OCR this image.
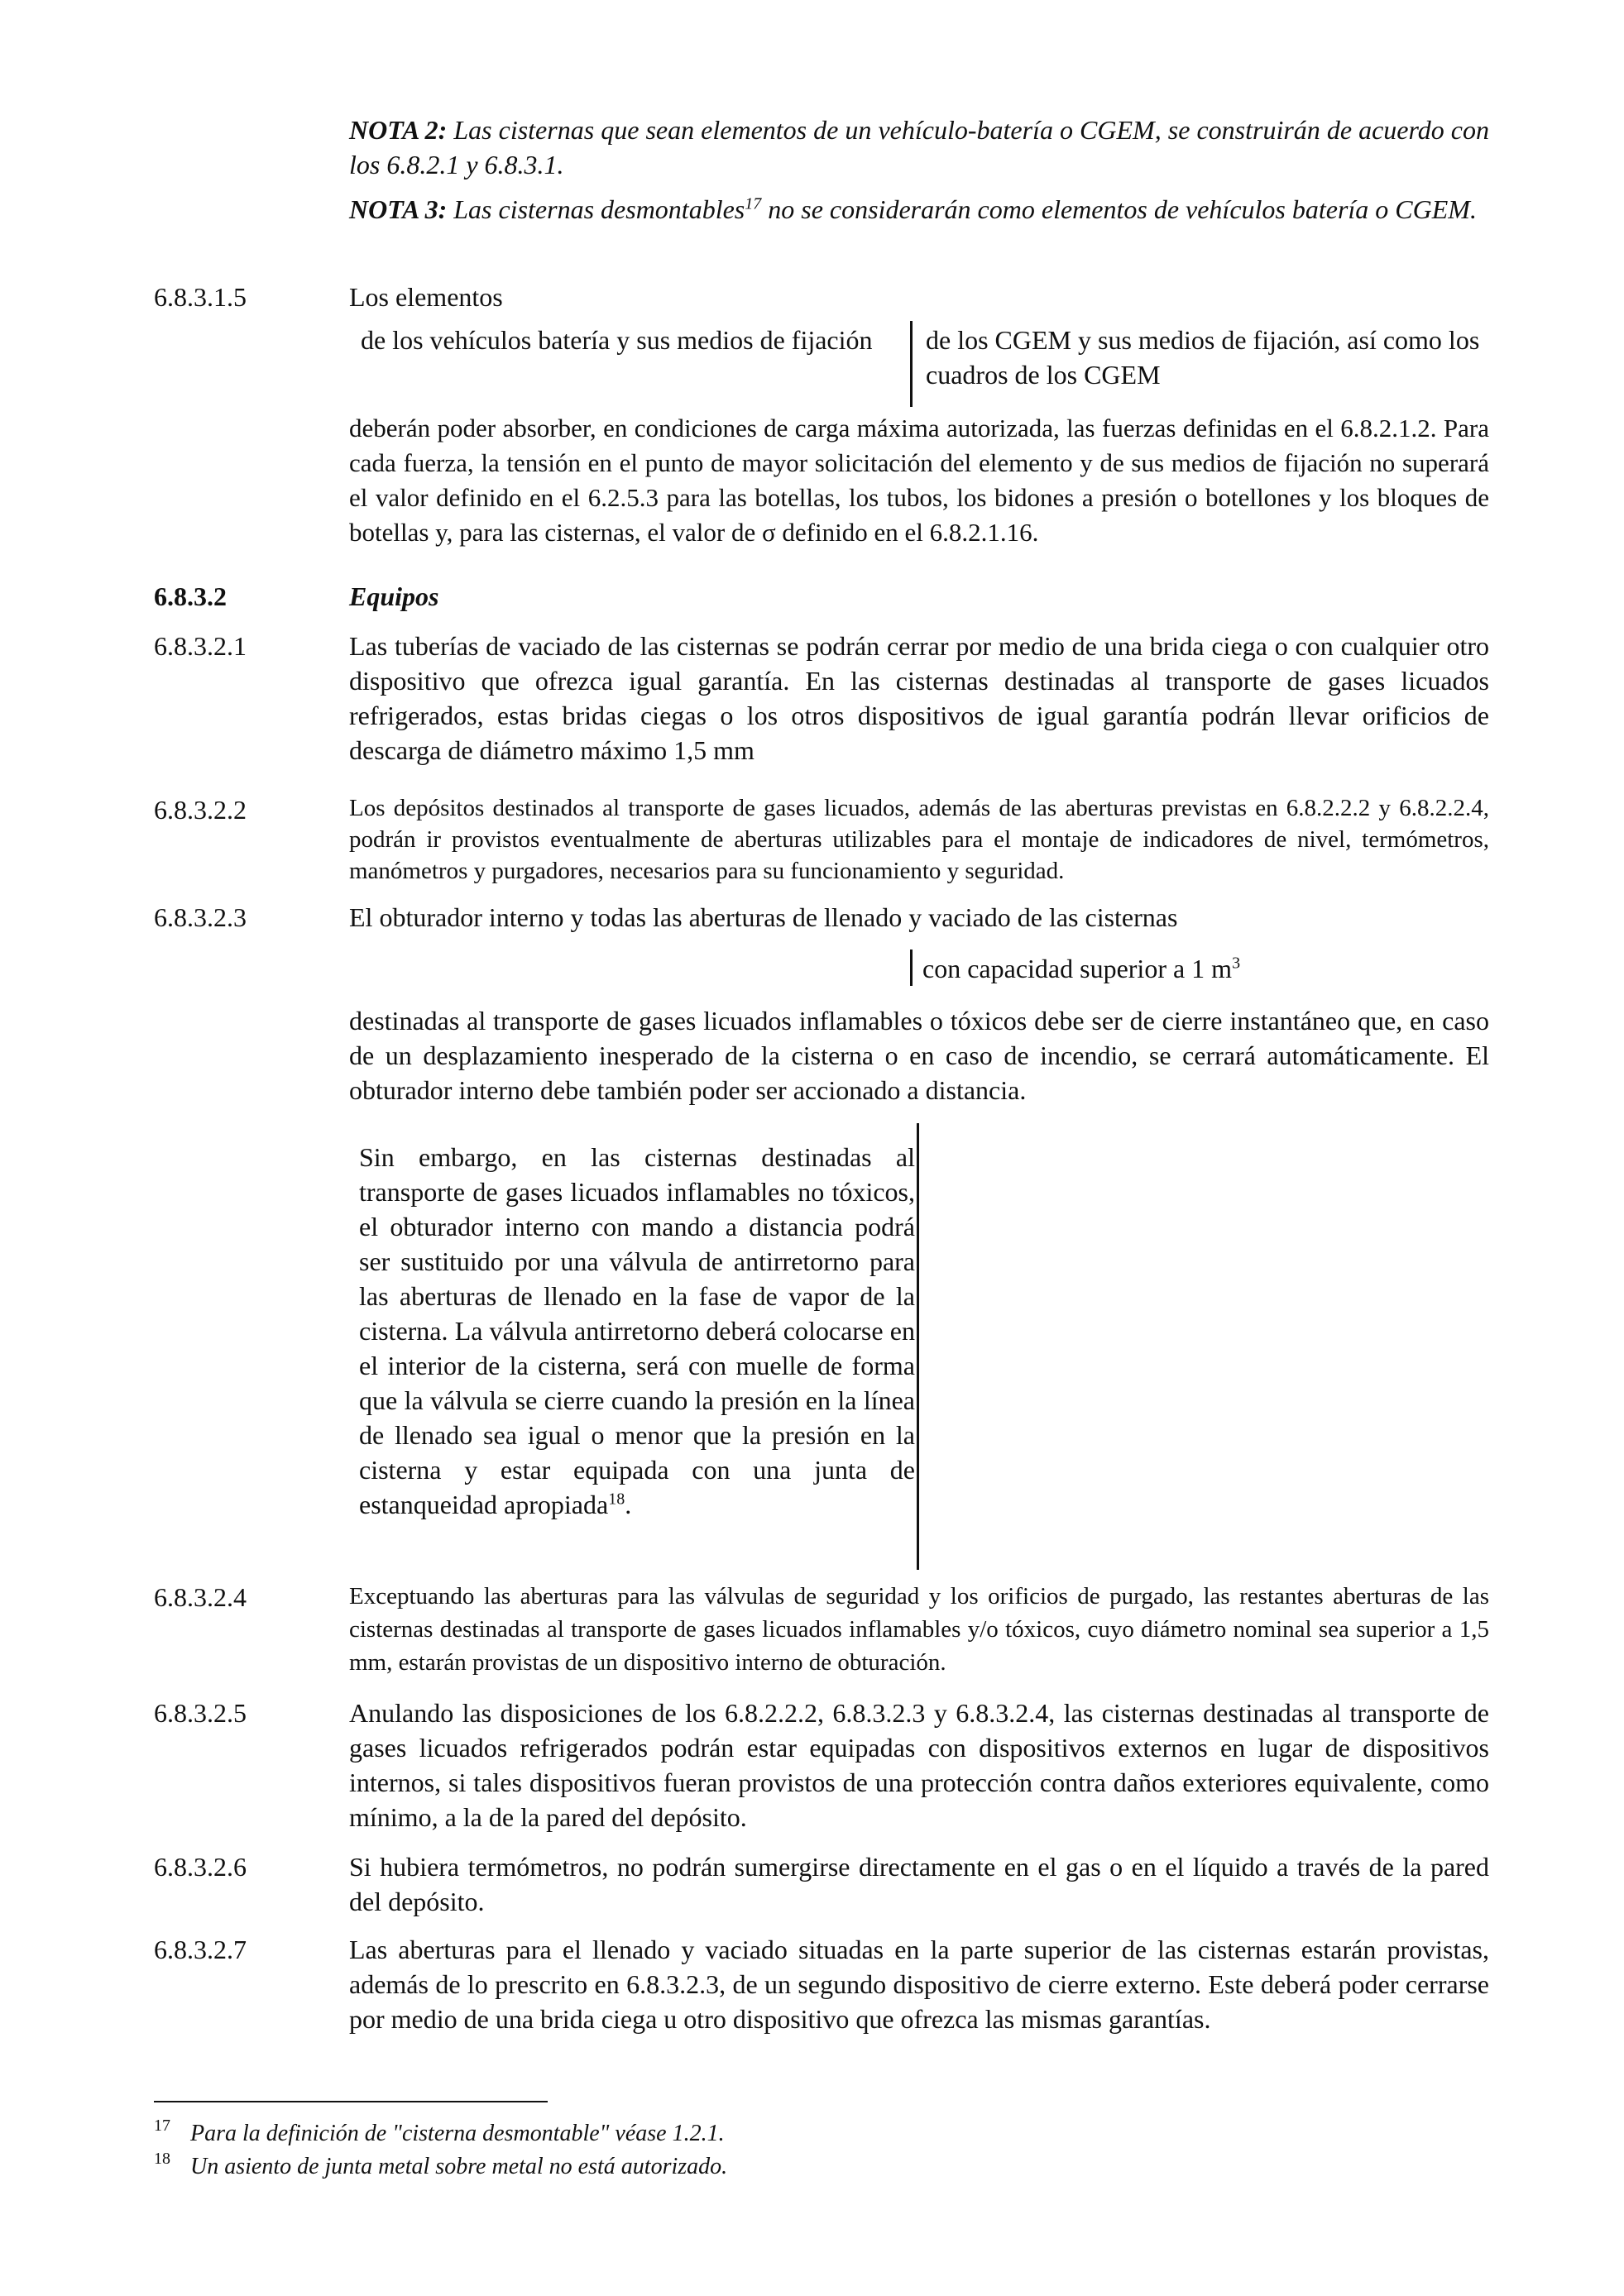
NOTA 2: Las cisternas que sean elementos de un vehículo-batería o CGEM, se construirán de acuerdo con los 6.8.2.1 y 6.8.3.1.
NOTA 3: Las cisternas desmontables$^{17}$ no se considerarán como elementos de vehículos batería o CGEM.
6.8.3.1.5	Los elementos
de los vehículos batería y sus medios de fijación	de los CGEM y sus medios de fijación, así como los cuadros de los CGEM
deberán poder absorber, en condiciones de carga máxima autorizada, las fuerzas definidas en el 6.8.2.1.2. Para cada fuerza, la tensión en el punto de mayor solicitación del elemento y de sus medios de fijación no superará el valor definido en el 6.2.5.3 para las botellas, los tubos, los bidones a presión o botellones y los bloques de botellas y, para las cisternas, el valor de σ definido en el 6.8.2.1.16.
6.8.3.2	Equipos
6.8.3.2.1	Las tuberías de vaciado de las cisternas se podrán cerrar por medio de una brida ciega o con cualquier otro dispositivo que ofrezca igual garantía. En las cisternas destinadas al transporte de gases licuados refrigerados, estas bridas ciegas o los otros dispositivos de igual garantía podrán llevar orificios de descarga de diámetro máximo 1,5 mm
6.8.3.2.2	Los depósitos destinados al transporte de gases licuados, además de las aberturas previstas en 6.8.2.2.2 y 6.8.2.2.4, podrán ir provistos eventualmente de aberturas utilizables para el montaje de indicadores de nivel, termómetros, manómetros y purgadores, necesarios para su funcionamiento y seguridad.
6.8.3.2.3	El obturador interno y todas las aberturas de llenado y vaciado de las cisternas
con capacidad superior a 1 $m^3$
destinadas al transporte de gases licuados inflamables o tóxicos debe ser de cierre instantáneo que, en caso de un desplazamiento inesperado de la cisterna o en caso de incendio, se cerrará automáticamente. El obturador interno debe también poder ser accionado a distancia.
Sin embargo, en las cisternas destinadas al transporte de gases licuados inflamables no tóxicos, el obturador interno con mando a distancia podrá ser sustituido por una válvula de antirretorno para las aberturas de llenado en la fase de vapor de la cisterna. La válvula antirretorno deberá colocarse en el interior de la cisterna, será con muelle de forma que la válvula se cierre cuando la presión en la línea de llenado sea igual o menor que la presión en la cisterna y estar equipada con una junta de estanqueidad apropiada$^{18}$.
6.8.3.2.4	Exceptuando las aberturas para las válvulas de seguridad y los orificios de purgado, las restantes aberturas de las cisternas destinadas al transporte de gases licuados inflamables y/o tóxicos, cuyo diámetro nominal sea superior a 1,5 mm, estarán provistas de un dispositivo interno de obturación.
6.8.3.2.5	Anulando las disposiciones de los 6.8.2.2.2, 6.8.3.2.3 y 6.8.3.2.4, las cisternas destinadas al transporte de gases licuados refrigerados podrán estar equipadas con dispositivos externos en lugar de dispositivos internos, si tales dispositivos fueran provistos de una protección contra daños exteriores equivalente, como mínimo, a la de la pared del depósito.
6.8.3.2.6	Si hubiera termómetros, no podrán sumergirse directamente en el gas o en el líquido a través de la pared del depósito.
6.8.3.2.7	Las aberturas para el llenado y vaciado situadas en la parte superior de las cisternas estarán provistas, además de lo prescrito en 6.8.3.2.3, de un segundo dispositivo de cierre externo. Este deberá poder cerrarse por medio de una brida ciega u otro dispositivo que ofrezca las mismas garantías.
$^{17}$ Para la definición de "cisterna desmontable" véase 1.2.1.
$^{18}$ Un asiento de junta metal sobre metal no está autorizado.
